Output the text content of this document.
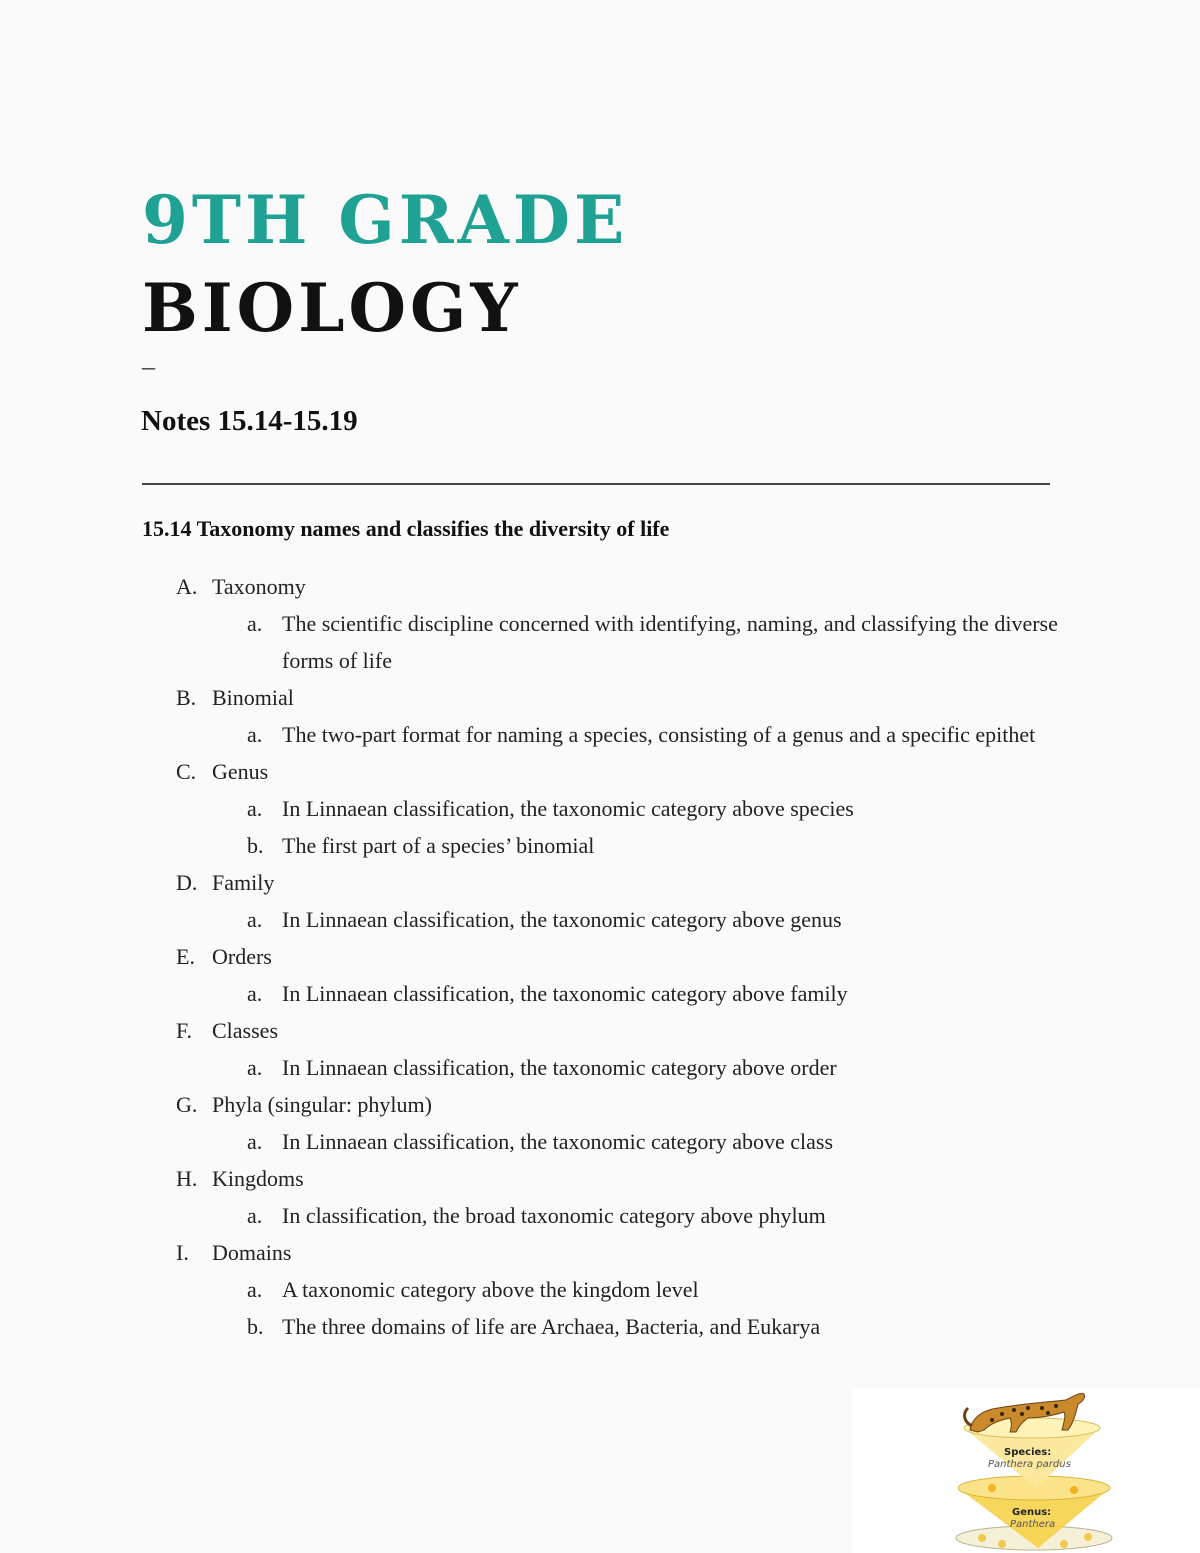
9TH GRADE
BIOLOGY
–
Notes 15.14-15.19
15.14 Taxonomy names and classifies the diversity of life
A. Taxonomy
a. The scientific discipline concerned with identifying, naming, and classifying the diverse forms of life
B. Binomial
a. The two-part format for naming a species, consisting of a genus and a specific epithet
C. Genus
a. In Linnaean classification, the taxonomic category above species
b. The first part of a species’ binomial
D. Family
a. In Linnaean classification, the taxonomic category above genus
E. Orders
a. In Linnaean classification, the taxonomic category above family
F. Classes
a. In Linnaean classification, the taxonomic category above order
G. Phyla (singular: phylum)
a. In Linnaean classification, the taxonomic category above class
H. Kingdoms
a. In classification, the broad taxonomic category above phylum
I.	Domains
a. A taxonomic category above the kingdom level
b. The three domains of life are Archaea, Bacteria, and Eukarya
Genus:
Panthera
Species:
Panthera pardus
